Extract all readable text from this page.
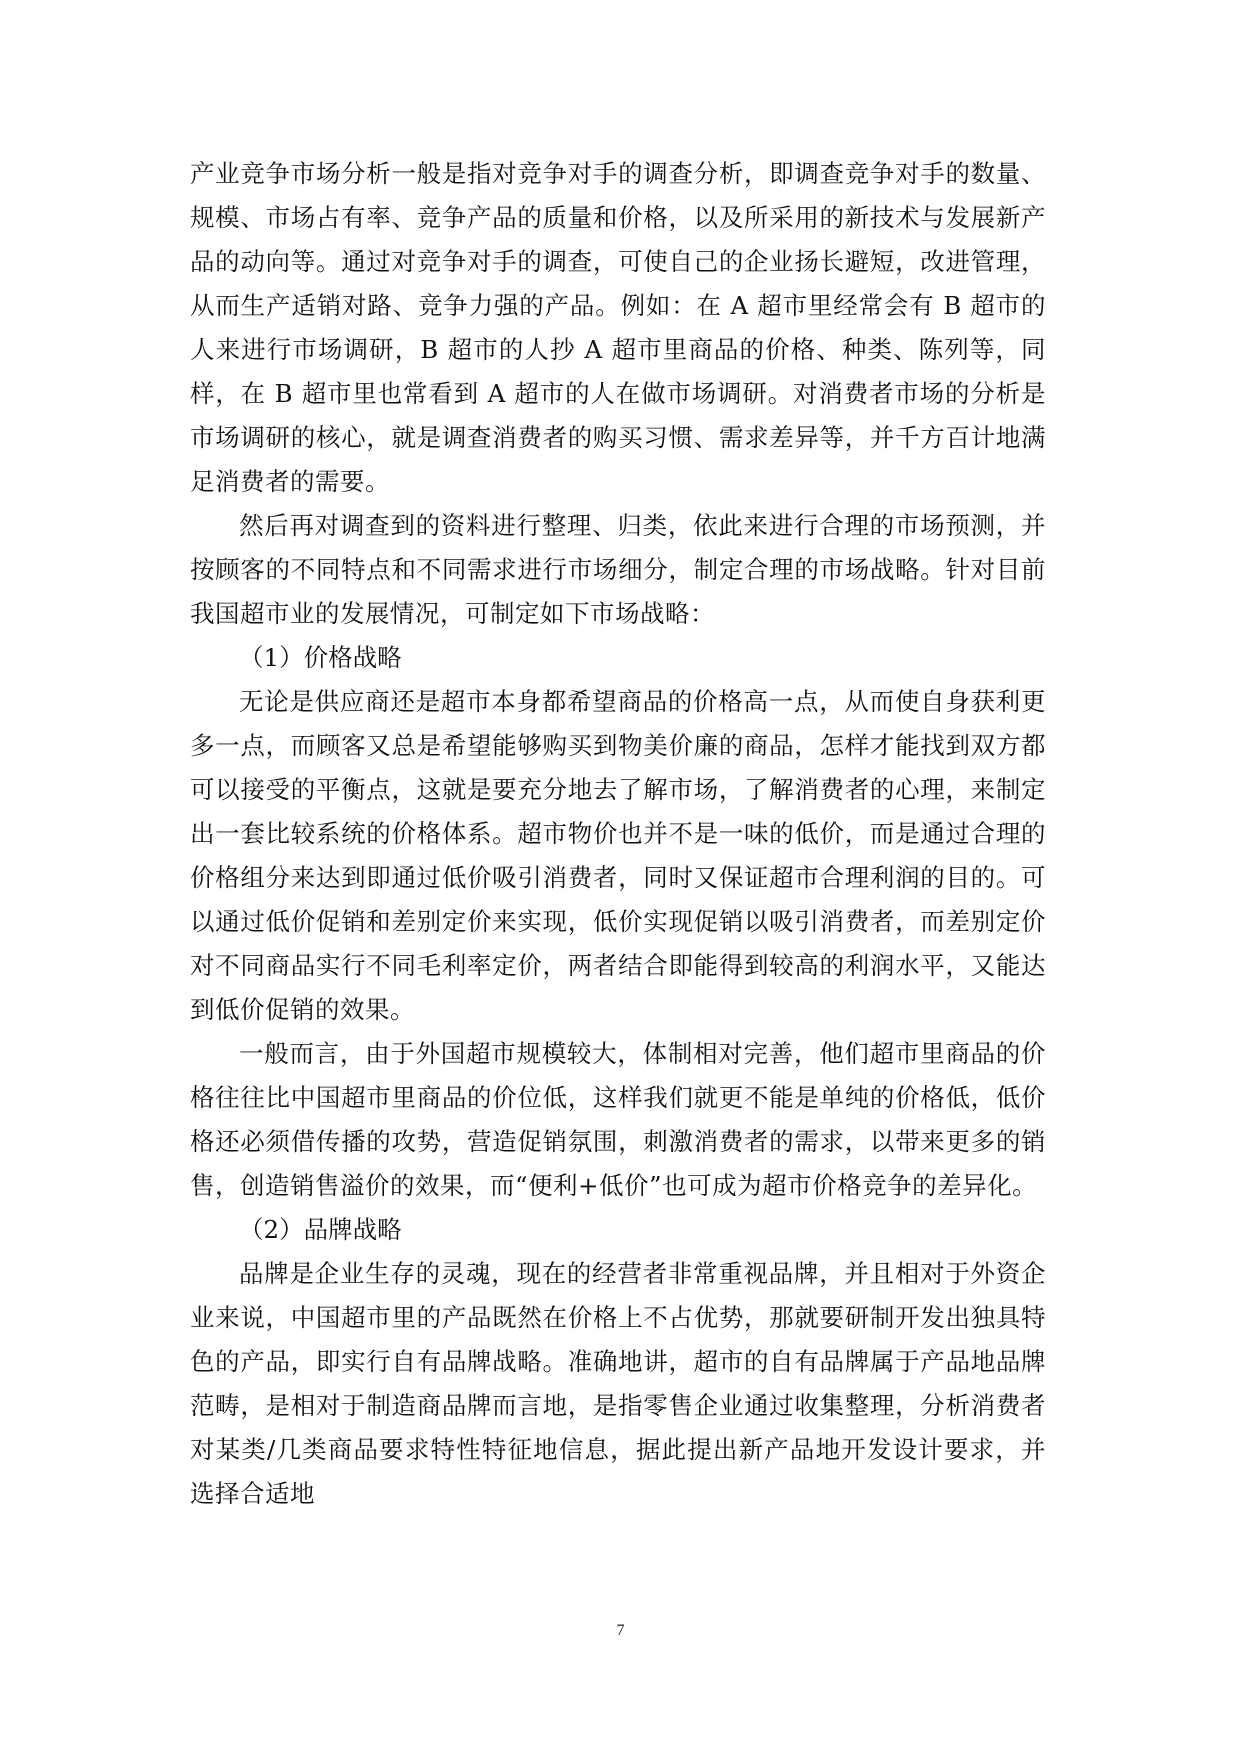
产业竞争市场分析一般是指对竞争对手的调查分析，即调查竞争对手的数量、规模、市场占有率、竞争产品的质量和价格，以及所采用的新技术与发展新产品的动向等。通过对竞争对手的调查，可使自己的企业扬长避短，改进管理，从而生产适销对路、竞争力强的产品。例如：在 A 超市里经常会有 B 超市的人来进行市场调研，B 超市的人抄 A 超市里商品的价格、种类、陈列等，同样，在 B 超市里也常看到 A 超市的人在做市场调研。对消费者市场的分析是市场调研的核心，就是调查消费者的购买习惯、需求差异等，并千方百计地满足消费者的需要。

然后再对调查到的资料进行整理、归类，依此来进行合理的市场预测，并按顾客的不同特点和不同需求进行市场细分，制定合理的市场战略。针对目前我国超市业的发展情况，可制定如下市场战略：

（1）价格战略

无论是供应商还是超市本身都希望商品的价格高一点，从而使自身获利更多一点，而顾客又总是希望能够购买到物美价廉的商品，怎样才能找到双方都可以接受的平衡点，这就是要充分地去了解市场，了解消费者的心理，来制定出一套比较系统的价格体系。超市物价也并不是一味的低价，而是通过合理的价格组分来达到即通过低价吸引消费者，同时又保证超市合理利润的目的。可以通过低价促销和差别定价来实现，低价实现促销以吸引消费者，而差别定价对不同商品实行不同毛利率定价，两者结合即能得到较高的利润水平，又能达到低价促销的效果。

一般而言，由于外国超市规模较大，体制相对完善，他们超市里商品的价格往往比中国超市里商品的价位低，这样我们就更不能是单纯的价格低，低价格还必须借传播的攻势，营造促销氛围，刺激消费者的需求，以带来更多的销售，创造销售溢价的效果，而“便利+低价”也可成为超市价格竞争的差异化。

（2）品牌战略

品牌是企业生存的灵魂，现在的经营者非常重视品牌，并且相对于外资企业来说，中国超市里的产品既然在价格上不占优势，那就要研制开发出独具特色的产品，即实行自有品牌战略。准确地讲，超市的自有品牌属于产品地品牌范畴，是相对于制造商品牌而言地，是指零售企业通过收集整理，分析消费者对某类/几类商品要求特性特征地信息，据此提出新产品地开发设计要求，并选择合适地

7
